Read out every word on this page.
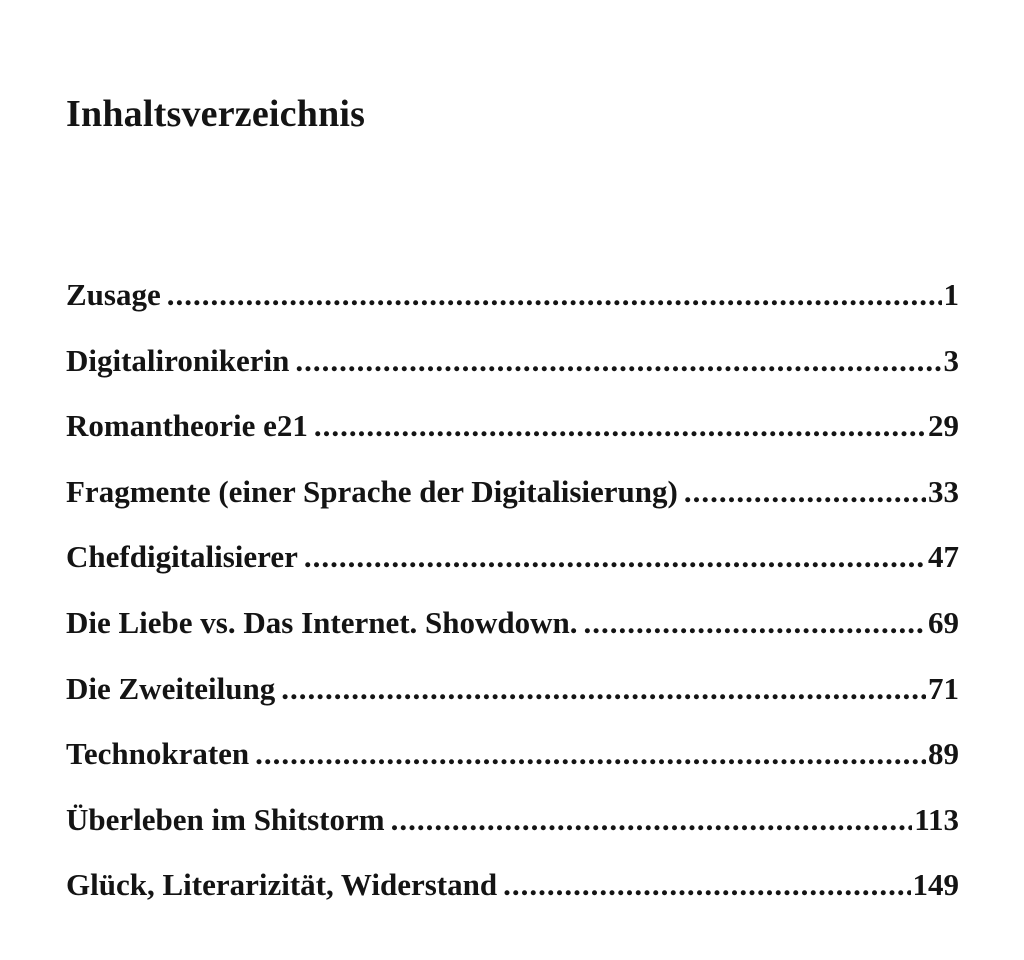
Inhaltsverzeichnis
Zusage .....	1
Digitalironikerin .....	3
Romantheorie e21 .....	29
Fragmente (einer Sprache der Digitalisierung) .....	33
Chefdigitalisierer .....	47
Die Liebe vs. Das Internet. Showdown. .....	69
Die Zweiteilung .....	71
Technokraten .....	89
Überleben im Shitstorm .....	113
Glück, Literarizität, Widerstand .....	149
